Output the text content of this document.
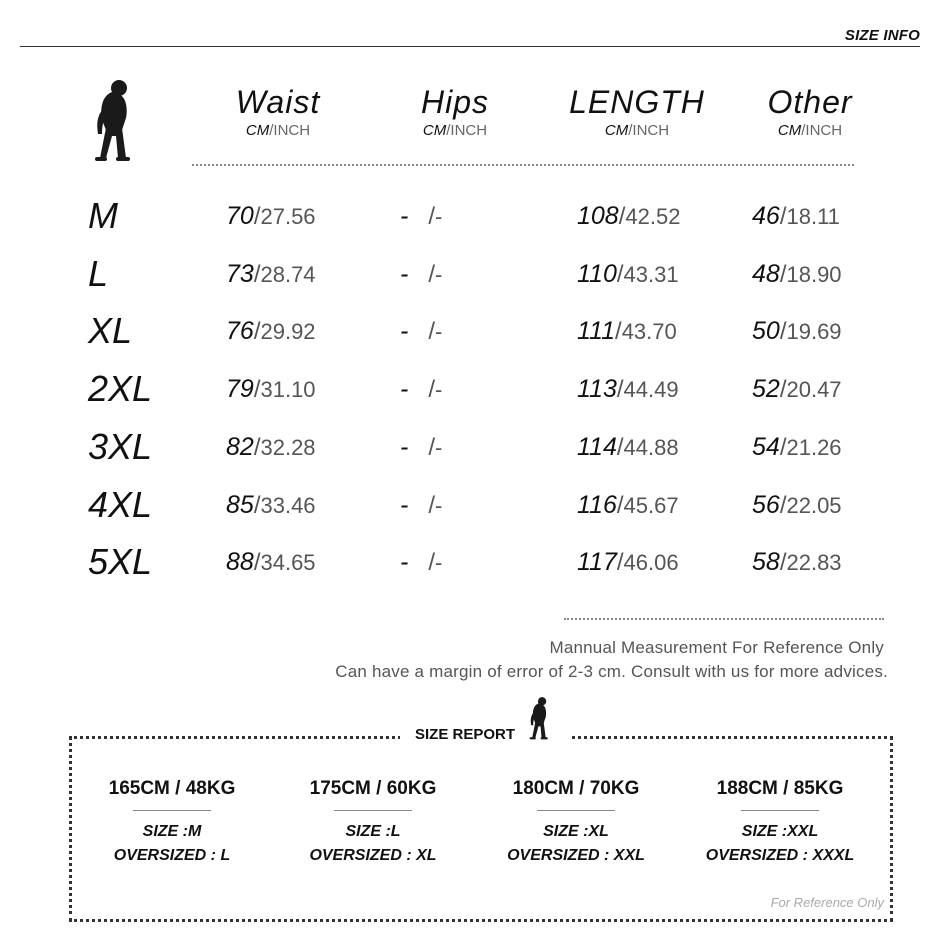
SIZE INFO
Waist
CM/INCH
Hips
CM/INCH
LENGTH
CM/INCH
Other
CM/INCH
M	70/27.56	-   /-	108/42.52	46/18.11
L	73/28.74	-   /-	110/43.31	48/18.90
XL	76/29.92	-   /-	111/43.70	50/19.69
2XL	79/31.10	-   /-	113/44.49	52/20.47
3XL	82/32.28	-   /-	114/44.88	54/21.26
4XL	85/33.46	-   /-	116/45.67	56/22.05
5XL	88/34.65	-   /-	117/46.06	58/22.83
Mannual Measurement For Reference Only
Can have a margin of error of 2-3 cm. Consult with us for more advices.
SIZE REPORT
165CM / 48KG
SIZE :M
OVERSIZED : L
175CM / 60KG
SIZE :L
OVERSIZED : XL
180CM / 70KG
SIZE :XL
OVERSIZED : XXL
188CM / 85KG
SIZE :XXL
OVERSIZED : XXXL
For Reference Only
